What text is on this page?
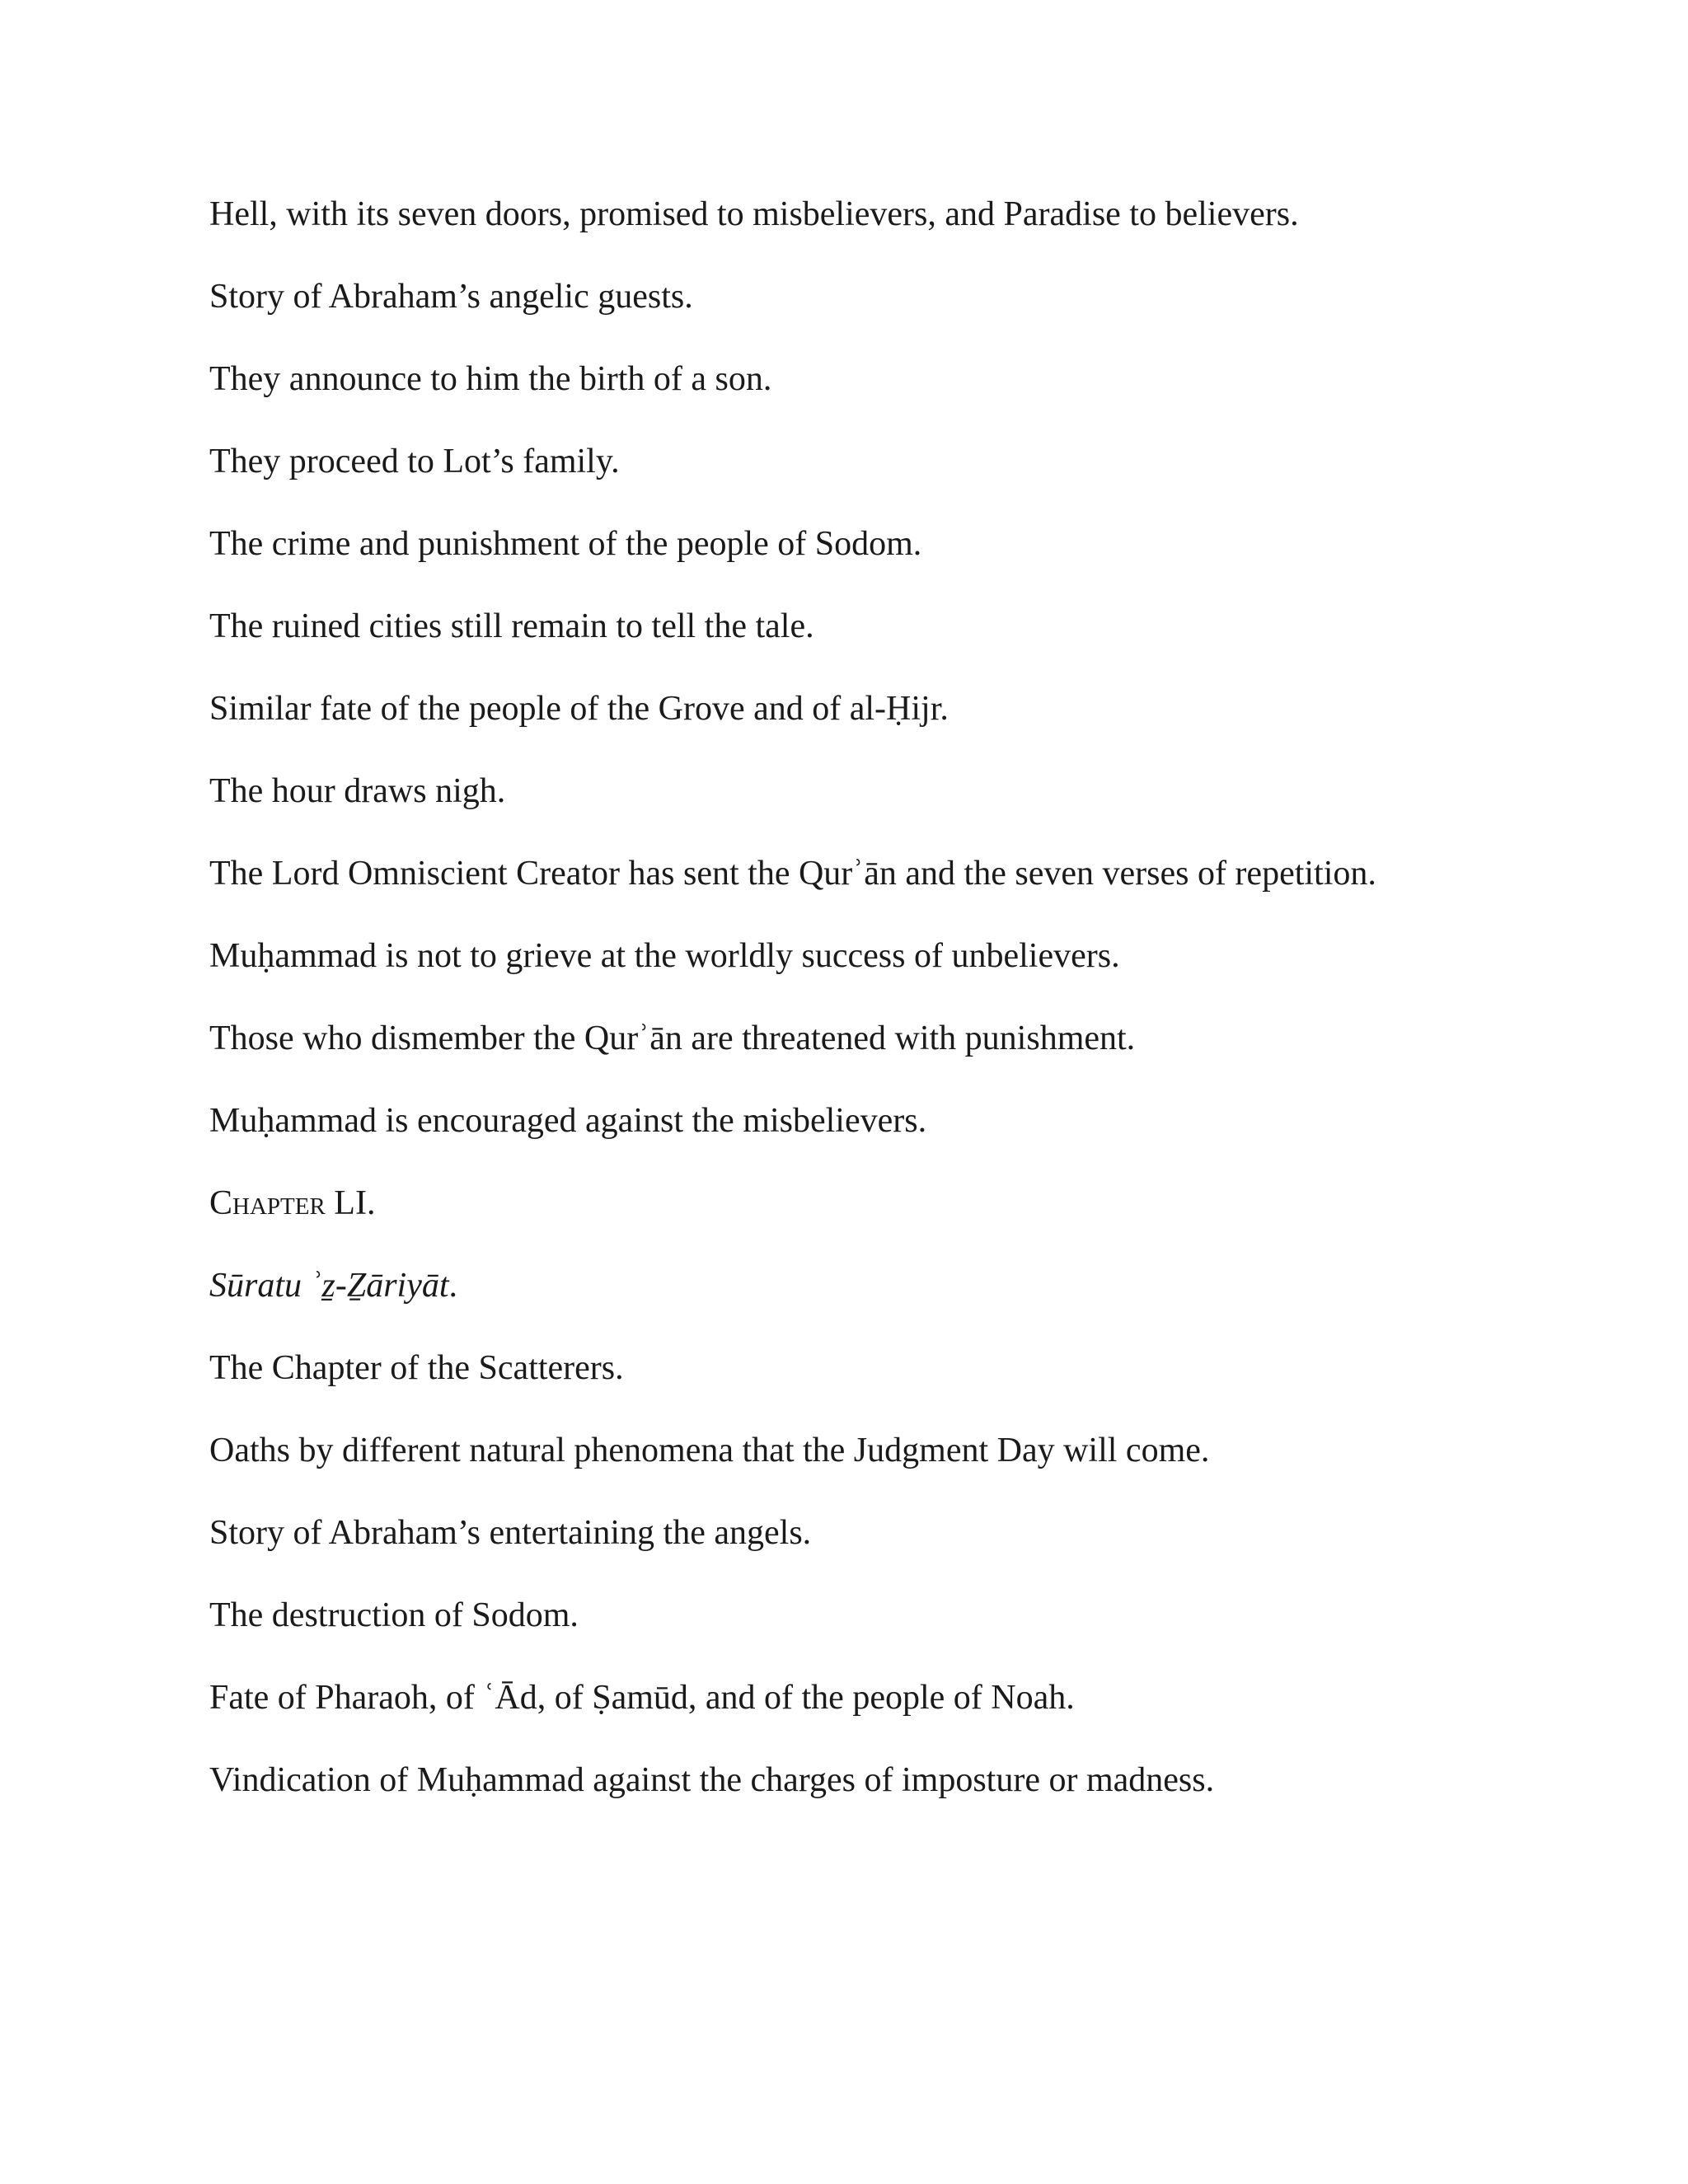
Hell, with its seven doors, promised to misbelievers, and Paradise to believers.

Story of Abraham’s angelic guests.

They announce to him the birth of a son.

They proceed to Lot’s family.

The crime and punishment of the people of Sodom.

The ruined cities still remain to tell the tale.

Similar fate of the people of the Grove and of al-Ḥijr.

The hour draws nigh.

The Lord Omniscient Creator has sent the Qurʾān and the seven verses of repetition.

Muḥammad is not to grieve at the worldly success of unbelievers.

Those who dismember the Qurʾān are threatened with punishment.

Muḥammad is encouraged against the misbelievers.

Chapter LI.

Sūratu ʾẕ-Ẕāriyāt.

The Chapter of the Scatterers.

Oaths by different natural phenomena that the Judgment Day will come.

Story of Abraham’s entertaining the angels.

The destruction of Sodom.

Fate of Pharaoh, of ʿĀd, of Ṣamūd, and of the people of Noah.

Vindication of Muḥammad against the charges of imposture or madness.
